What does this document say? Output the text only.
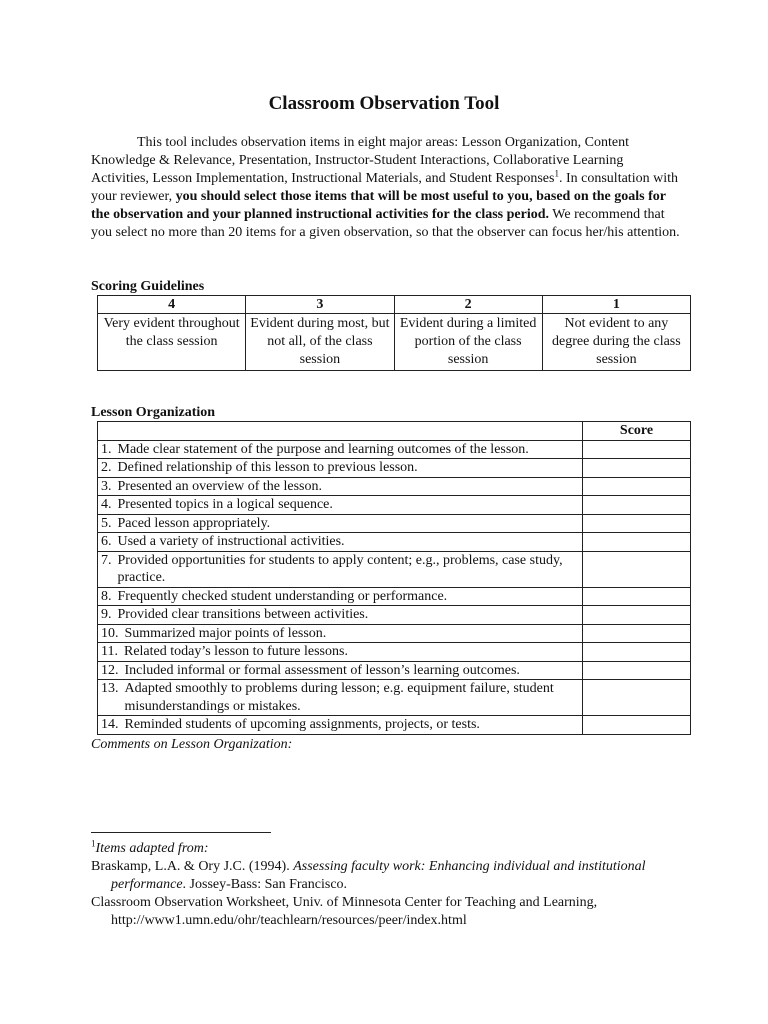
Classroom Observation Tool

This tool includes observation items in eight major areas: Lesson Organization, Content Knowledge & Relevance, Presentation, Instructor-Student Interactions, Collaborative Learning Activities, Lesson Implementation, Instructional Materials, and Student Responses$^1$. In consultation with your reviewer, you should select those items that will be most useful to you, based on the goals for the observation and your planned instructional activities for the class period. We recommend that you select no more than 20 items for a given observation, so that the observer can focus her/his attention.

Scoring Guidelines
4	3	2	1
Very evident throughout the class session	Evident during most, but not all, of the class session	Evident during a limited portion of the class session	Not evident to any degree during the class session
Lesson Organization
	Score

1. Made clear statement of the purpose and learning outcomes of the lesson.	

2. Defined relationship of this lesson to previous lesson.	

3. Presented an overview of the lesson.	

4. Presented topics in a logical sequence.	

5. Paced lesson appropriately.	

6. Used a variety of instructional activities.	

7. Provided opportunities for students to apply content; e.g., problems, case study, practice.	

8. Frequently checked student understanding or performance.	

9. Provided clear transitions between activities.	

10. Summarized major points of lesson.	

11. Related today’s lesson to future lessons.	

12. Included informal or formal assessment of lesson’s learning outcomes.	

13. Adapted smoothly to problems during lesson; e.g. equipment failure, student misunderstandings or mistakes.	

14. Reminded students of upcoming assignments, projects, or tests.	

Comments on Lesson Organization:
$^1$Items adapted from:
Braskamp, L.A. & Ory J.C. (1994). Assessing faculty work: Enhancing individual and institutional performance. Jossey-Bass: San Francisco.
Classroom Observation Worksheet, Univ. of Minnesota Center for Teaching and Learning, http://www1.umn.edu/ohr/teachlearn/resources/peer/index.html
